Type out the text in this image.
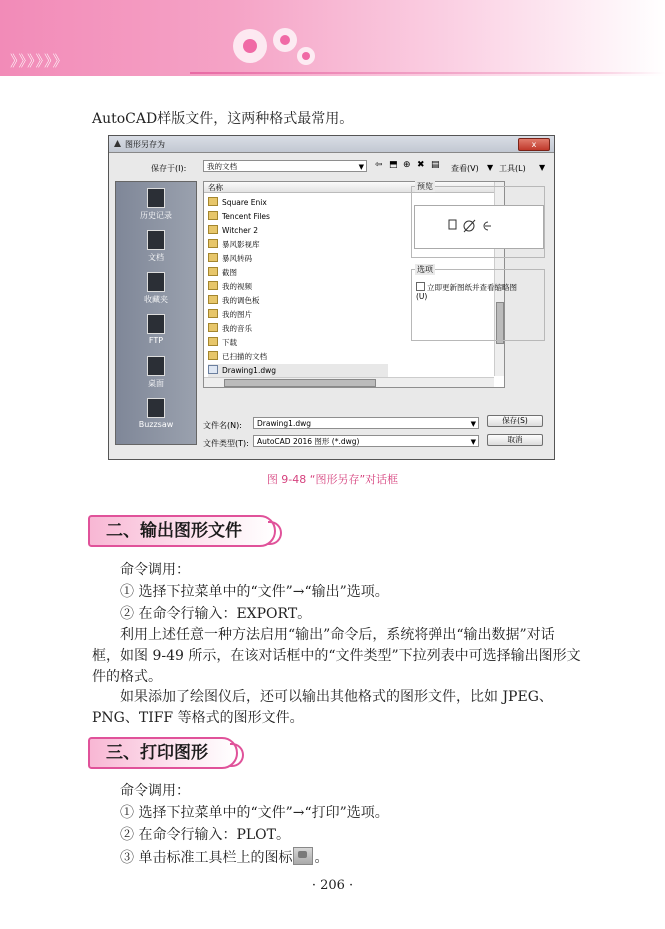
》》》》》》

AutoCAD样版文件，这两种格式最常用。

图形另存为	x
保存于(I):	我的文档	▼ ⇦ ⬒ ⊕ ✖ ▤ 查看(V) ▼ 工具(L) ▼
历史记录
文档
收藏夹
FTP
桌面
Buzzsaw
名称
Square Enix
Tencent Files
Witcher 2
暴风影视库
暴风转码
截图
我的视频
我的调色板
我的图片
我的音乐
下载
已扫描的文档
Drawing1.dwg
预览
选项
立即更新图纸并查看缩略图(U)
文件名(N):	Drawing1.dwg	▼
文件类型(T):	AutoCAD 2016 图形 (*.dwg)	▼
保存(S)
取消
图 9-48 “图形另存”对话框
二、输出图形文件

命令调用：

① 选择下拉菜单中的“文件”→“输出”选项。

② 在命令行输入：EXPORT。

利用上述任意一种方法启用“输出”命令后，系统将弹出“输出数据”对话框，如图 9-49 所示，在该对话框中的“文件类型”下拉列表中可选择输出图形文件的格式。

如果添加了绘图仪后，还可以输出其他格式的图形文件，比如 JPEG、PNG、TIFF 等格式的图形文件。

三、打印图形

命令调用：

① 选择下拉菜单中的“文件”→“打印”选项。

② 在命令行输入：PLOT。

③ 单击标准工具栏上的图标 。

· 206 ·
